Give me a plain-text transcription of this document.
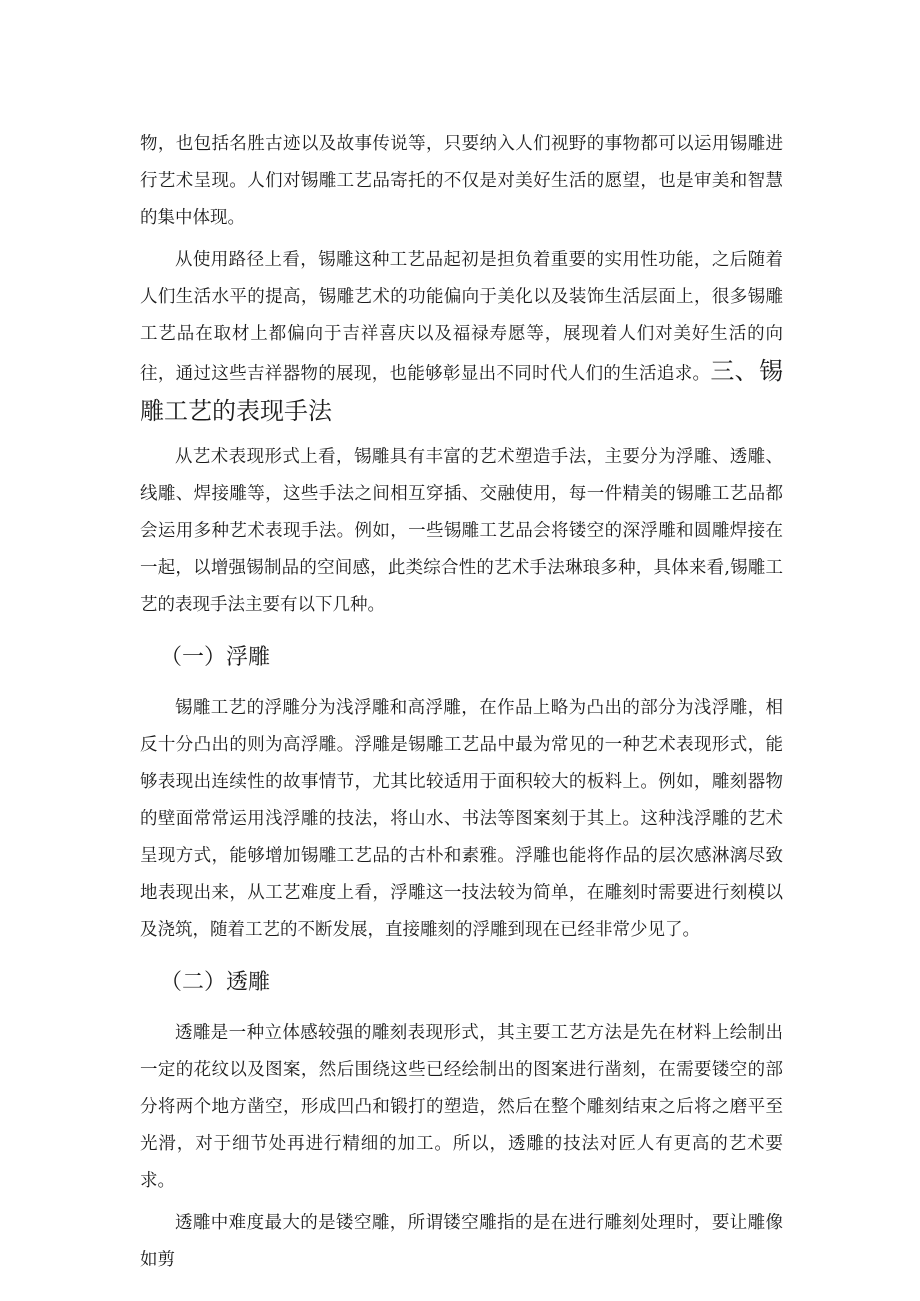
物，也包括名胜古迹以及故事传说等，只要纳入人们视野的事物都可以运用锡雕进行艺术呈现。人们对锡雕工艺品寄托的不仅是对美好生活的愿望，也是审美和智慧的集中体现。

从使用路径上看，锡雕这种工艺品起初是担负着重要的实用性功能，之后随着人们生活水平的提高，锡雕艺术的功能偏向于美化以及装饰生活层面上，很多锡雕工艺品在取材上都偏向于吉祥喜庆以及福禄寿愿等，展现着人们对美好生活的向往，通过这些吉祥器物的展现，也能够彰显出不同时代人们的生活追求。三、锡雕工艺的表现手法

从艺术表现形式上看，锡雕具有丰富的艺术塑造手法，主要分为浮雕、透雕、线雕、焊接雕等，这些手法之间相互穿插、交融使用，每一件精美的锡雕工艺品都会运用多种艺术表现手法。例如，一些锡雕工艺品会将镂空的深浮雕和圆雕焊接在一起，以增强锡制品的空间感，此类综合性的艺术手法琳琅多种，具体来看,锡雕工艺的表现手法主要有以下几种。

（一）浮雕

锡雕工艺的浮雕分为浅浮雕和高浮雕，在作品上略为凸出的部分为浅浮雕，相反十分凸出的则为高浮雕。浮雕是锡雕工艺品中最为常见的一种艺术表现形式，能够表现出连续性的故事情节，尤其比较适用于面积较大的板料上。例如，雕刻器物的壁面常常运用浅浮雕的技法，将山水、书法等图案刻于其上。这种浅浮雕的艺术呈现方式，能够增加锡雕工艺品的古朴和素雅。浮雕也能将作品的层次感淋漓尽致地表现出来，从工艺难度上看，浮雕这一技法较为简单，在雕刻时需要进行刻模以及浇筑，随着工艺的不断发展，直接雕刻的浮雕到现在已经非常少见了。

（二）透雕

透雕是一种立体感较强的雕刻表现形式，其主要工艺方法是先在材料上绘制出一定的花纹以及图案，然后围绕这些已经绘制出的图案进行凿刻，在需要镂空的部分将两个地方凿空，形成凹凸和锻打的塑造，然后在整个雕刻结束之后将之磨平至光滑，对于细节处再进行精细的加工。所以，透雕的技法对匠人有更高的艺术要求。

透雕中难度最大的是镂空雕，所谓镂空雕指的是在进行雕刻处理时，要让雕像如剪
